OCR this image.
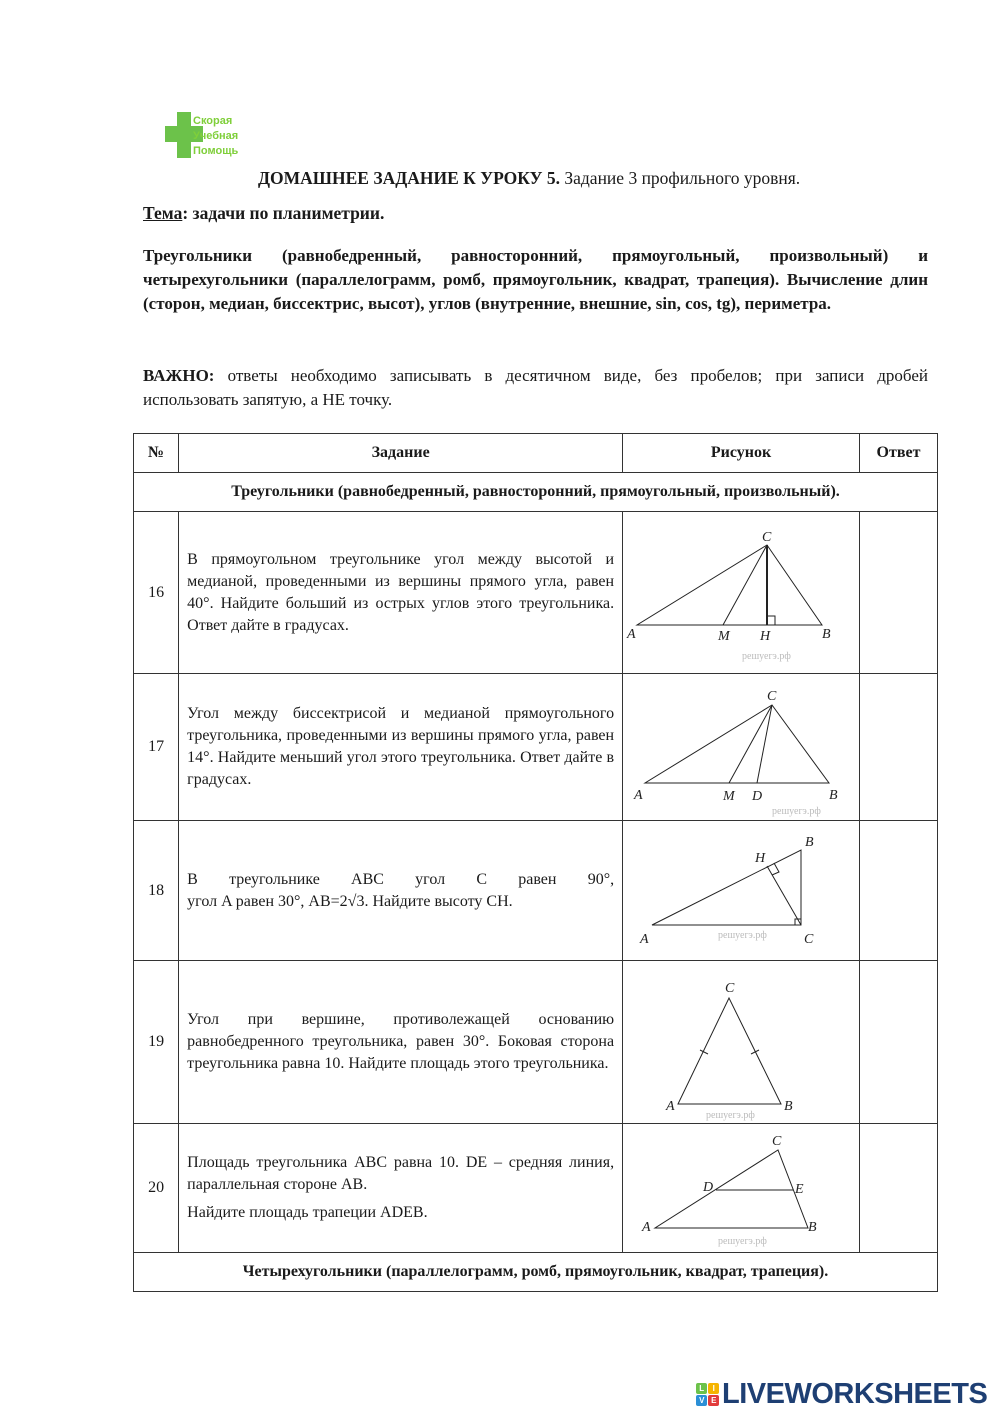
Скорая
Учебная
Помощь
ДОМАШНЕЕ ЗАДАНИЕ К УРОКУ 5. Задание 3 профильного уровня.
Тема: задачи по планиметрии.
Треугольники (равнобедренный, равносторонний, прямоугольный, произвольный) и четырехугольники (параллелограмм, ромб, прямоугольник, квадрат, трапеция). Вычисление длин (сторон, медиан, биссектрис, высот), углов (внутренние, внешние, sin, cos, tg), периметра.
ВАЖНО: ответы необходимо записывать в десятичном виде, без пробелов; при записи дробей использовать запятую, а НЕ точку.
№	Задание	Рисунок	Ответ
Треугольники (равнобедренный, равносторонний, прямоугольный, произвольный).			
16	В прямоугольном треугольнике угол между высотой и медианой, проведенными из вершины прямого угла, равен 40°. Найдите больший из острых углов этого треугольника. Ответ дайте в градусах.		
17	Угол между биссектрисой и медианой прямоугольного треугольника, проведенными из вершины прямого угла, равен 14°. Найдите меньший угол этого треугольника. Ответ дайте в градусах.		
18	В треугольнике ABC угол C равен 90°,
угол A равен 30°, AB=2√3. Найдите высоту CH.

19	Угол при вершине, противолежащей основанию равнобедренного треугольника, равен 30°. Боковая сторона треугольника равна 10. Найдите площадь этого треугольника.		
20	Площадь треугольника ABC равна 10. DE – средняя линия, параллельная стороне AB.
Найдите площадь трапеции ADEB.

Четырехугольники (параллелограмм, ромб, прямоугольник, квадрат, трапеция).			
A	M H	B
C
решуегэ.рф
A	M D	B
C
решуегэ.рф
A	C
B
H
решуегэ.рф
A	B
C
решуегэ.рф
A	B
C
D	E
решуегэ.рф
L	I
V E LIVEWORKSHEETS
